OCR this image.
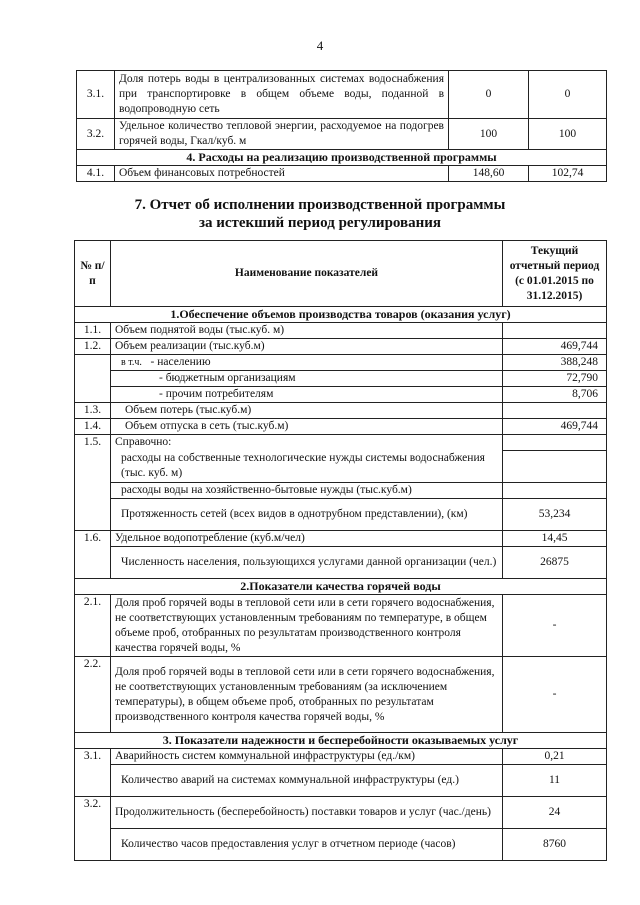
4
3.1.	Доля потерь воды в централизованных системах водоснабжения при транспортировке в общем объеме воды, поданной в водопроводную сеть	0	0
3.2.	Удельное количество тепловой энергии, расходуемое на подогрев горячей воды, Гкал/куб. м	100	100
4. Расходы на реализацию производственной программы			
4.1.	Объем финансовых потребностей	148,60	102,74
7. Отчет об исполнении производственной программы
за истекший период регулирования
№ п/п	Наименование показателей	Текущий отчетный период (с 01.01.2015 по 31.12.2015)
1.Обеспечение объемов производства товаров (оказания услуг)		
1.1.	Объем поднятой воды (тыс.куб. м)	
1.2.	Объем реализации (тыс.куб.м)	469,744
	в т.ч. - населению	388,248
	- бюджетным организациям	72,790
	- прочим потребителям	8,706
1.3.	Объем потерь (тыс.куб.м)	
1.4.	Объем отпуска в сеть (тыс.куб.м)	469,744
1.5.	Справочно:	
	расходы на собственные технологические нужды системы водоснабжения (тыс. куб. м)	
	расходы воды на хозяйственно-бытовые нужды (тыс.куб.м)	
	Протяженность сетей (всех видов в однотрубном представлении), (км)	53,234
1.6.	Удельное водопотребление (куб.м/чел)	14,45
	Численность населения, пользующихся услугами данной организации (чел.)	26875
2.Показатели качества горячей воды		
2.1.	Доля проб горячей воды в тепловой сети или в сети горячего водоснабжения, не соответствующих установленным требованиям по температуре, в общем объеме проб, отобранных по результатам производственного контроля качества горячей воды, %	-
2.2.	Доля проб горячей воды в тепловой сети или в сети горячего водоснабжения, не соответствующих установленным требованиям (за исключением температуры), в общем объеме проб, отобранных по результатам производственного контроля качества горячей воды, %	-
3. Показатели надежности и бесперебойности оказываемых услуг		
3.1.	Аварийность систем коммунальной инфраструктуры (ед./км)	0,21
	Количество аварий на системах коммунальной инфраструктуры (ед.)	11
3.2.	Продолжительность (бесперебойность) поставки товаров и услуг (час./день)	24
	Количество часов предоставления услуг в отчетном периоде (часов)	8760
